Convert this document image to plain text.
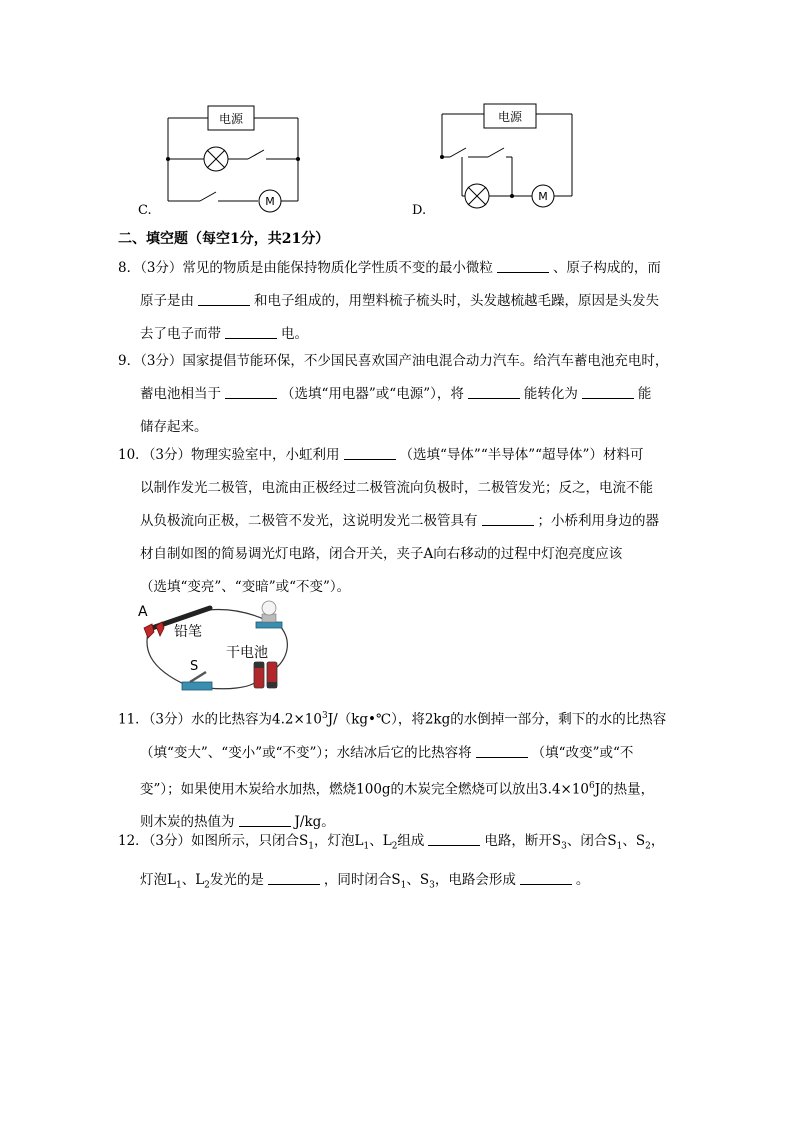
电源
M
C.
电源
M
D.
二、填空题（每空1分，共21分）
8．（3分）常见的物质是由能保持物质化学性质不变的最小微粒	、原子构成的，而
原子是由	和电子组成的，用塑料梳子梳头时，头发越梳越毛躁，原因是头发失
去了电子而带	电。
9．（3分）国家提倡节能环保，不少国民喜欢国产油电混合动力汽车。给汽车蓄电池充电时，
蓄电池相当于	（选填“用电器”或“电源”），将	能转化为	能
储存起来。
10．（3分）物理实验室中，小虹利用	（选填“导体”“半导体”“超导体”）材料可
以制作发光二极管，电流由正极经过二极管流向负极时，二极管发光；反之，电流不能
从负极流向正极，二极管不发光，这说明发光二极管具有	；小桥利用身边的器
材自制如图的简易调光灯电路，闭合开关，夹子A向右移动的过程中灯泡亮度应该
（选填“变亮”、“变暗”或“不变”）。
A
铅笔
干电池
S
11．（3分）水的比热容为$4.2\times 10^3J/(kg•℃)$，将2kg的水倒掉一部分，剩下的水的比热容
（填“变大”、“变小”或“不变”）；水结冰后它的比热容将	（填“改变”或“不
变”）；如果使用木炭给水加热，燃烧100g的木炭完全燃烧可以放出$3.4\times 10^6J$的热量，
则木炭的热值为	J/kg。
12．（3分）如图所示，只闭合$S_1$，灯泡$L_1$、$L_2$组成	电路，断开$S_3$、闭合$S_1$、$S_2$，
灯泡$L_1$、$L_2$发光的是	，同时闭合$S_1$、$S_3$，电路会形成	。
